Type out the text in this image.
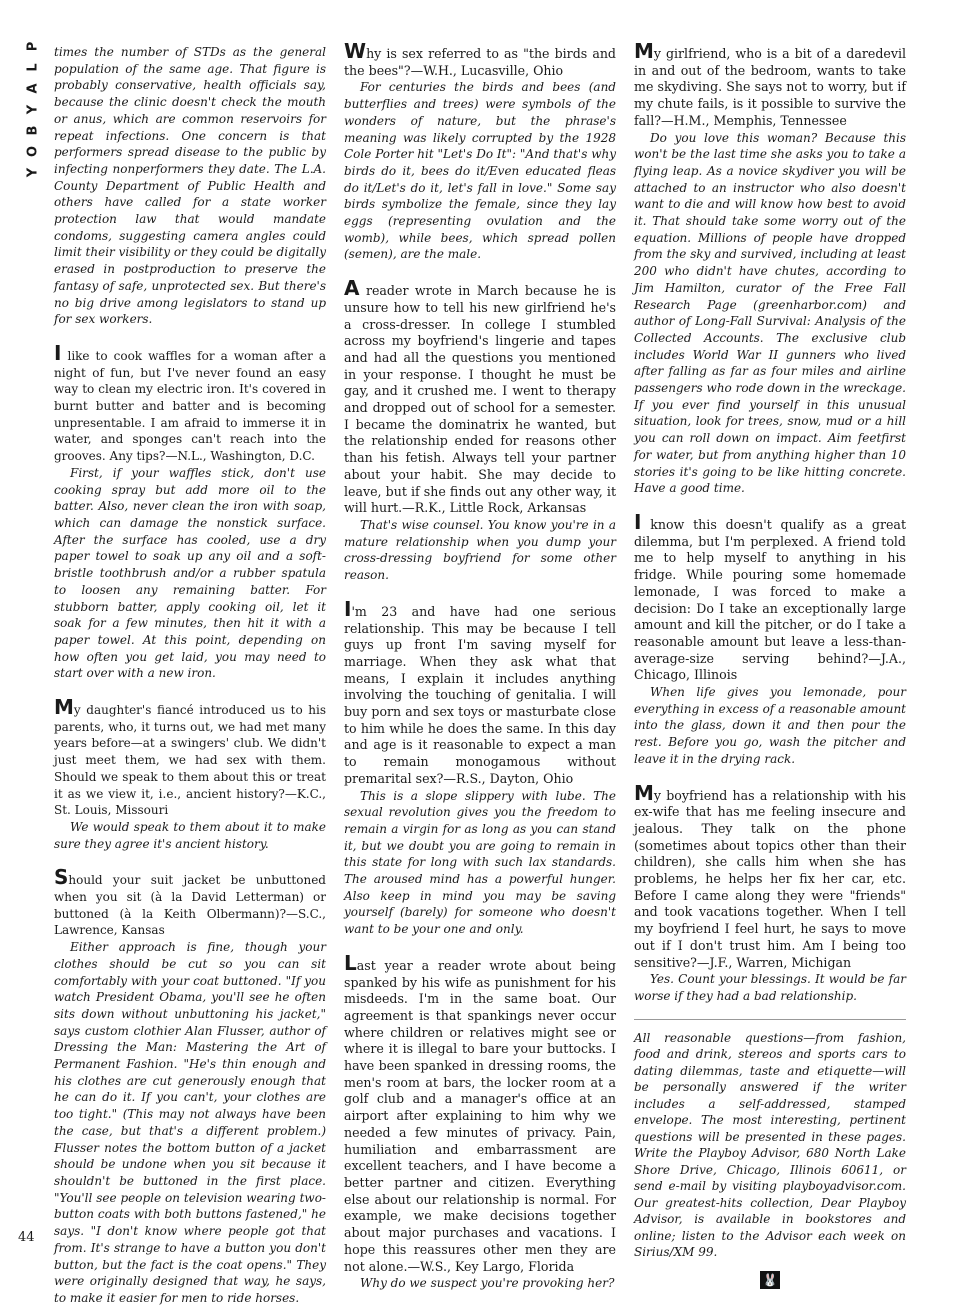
P
L
A
Y
B
O
Y
44

times the number of STDs as the general population of the same age. That figure is probably conservative, health officials say, because the clinic doesn't check the mouth or anus, which are common reservoirs for repeat infections. One concern is that performers spread disease to the public by infecting nonperformers they date. The L.A. County Department of Public Health and others have called for a state worker protection law that would mandate condoms, suggesting camera angles could limit their visibility or they could be digitally erased in postproduction to preserve the fantasy of safe, unprotected sex. But there's no big drive among legislators to stand up for sex workers.

I like to cook waffles for a woman after a night of fun, but I've never found an easy way to clean my electric iron. It's covered in burnt butter and batter and is becoming unpresentable. I am afraid to immerse it in water, and sponges can't reach into the grooves. Any tips?—N.L., Washington, D.C.

First, if your waffles stick, don't use cooking spray but add more oil to the batter. Also, never clean the iron with soap, which can damage the nonstick surface. After the surface has cooled, use a dry paper towel to soak up any oil and a soft-bristle toothbrush and/or a rubber spatula to loosen any remaining batter. For stubborn batter, apply cooking oil, let it soak for a few minutes, then hit it with a paper towel. At this point, depending on how often you get laid, you may need to start over with a new iron.

My daughter's fiancé introduced us to his parents, who, it turns out, we had met many years before—at a swingers' club. We didn't just meet them, we had sex with them. Should we speak to them about this or treat it as we view it, i.e., ancient history?—K.C., St. Louis, Missouri

We would speak to them about it to make sure they agree it's ancient history.

Should your suit jacket be unbuttoned when you sit (à la David Letterman) or buttoned (à la Keith Olbermann)?—S.C., Lawrence, Kansas

Either approach is fine, though your clothes should be cut so you can sit comfortably with your coat buttoned. "If you watch President Obama, you'll see he often sits down without unbuttoning his jacket," says custom clothier Alan Flusser, author of Dressing the Man: Mastering the Art of Permanent Fashion. "He's thin enough and his clothes are cut generously enough that he can do it. If you can't, your clothes are too tight." (This may not always have been the case, but that's a different problem.) Flusser notes the bottom button of a jacket should be undone when you sit because it shouldn't be buttoned in the first place. "You'll see people on television wearing two-button coats with both buttons fastened," he says. "I don't know where people got that from. It's strange to have a button you don't button, but the fact is the coat opens." They were originally designed that way, he says, to make it easier for men to ride horses.

Why is sex referred to as "the birds and the bees"?—W.H., Lucasville, Ohio

For centuries the birds and bees (and butterflies and trees) were symbols of the wonders of nature, but the phrase's meaning was likely corrupted by the 1928 Cole Porter hit "Let's Do It": "And that's why birds do it, bees do it/Even educated fleas do it/Let's do it, let's fall in love." Some say birds symbolize the female, since they lay eggs (representing ovulation and the womb), while bees, which spread pollen (semen), are the male.

A reader wrote in March because he is unsure how to tell his new girlfriend he's a cross-dresser. In college I stumbled across my boyfriend's lingerie and tapes and had all the questions you mentioned in your response. I thought he must be gay, and it crushed me. I went to therapy and dropped out of school for a semester. I became the dominatrix he wanted, but the relationship ended for reasons other than his fetish. Always tell your partner about your habit. She may decide to leave, but if she finds out any other way, it will hurt.—R.K., Little Rock, Arkansas

That's wise counsel. You know you're in a mature relationship when you dump your cross-dressing boyfriend for some other reason.

I'm 23 and have had one serious relationship. This may be because I tell guys up front I'm saving myself for marriage. When they ask what that means, I explain it includes anything involving the touching of genitalia. I will buy porn and sex toys or masturbate close to him while he does the same. In this day and age is it reasonable to expect a man to remain monogamous without premarital sex?—R.S., Dayton, Ohio

This is a slope slippery with lube. The sexual revolution gives you the freedom to remain a virgin for as long as you can stand it, but we doubt you are going to remain in this state for long with such lax standards. The aroused mind has a powerful hunger. Also keep in mind you may be saving yourself (barely) for someone who doesn't want to be your one and only.

Last year a reader wrote about being spanked by his wife as punishment for his misdeeds. I'm in the same boat. Our agreement is that spankings never occur where children or relatives might see or where it is illegal to bare your buttocks. I have been spanked in dressing rooms, the men's room at bars, the locker room at a golf club and a manager's office at an airport after explaining to him why we needed a few minutes of privacy. Pain, humiliation and embarrassment are excellent teachers, and I have become a better partner and citizen. Everything else about our relationship is normal. For example, we make decisions together about major purchases and vacations. I hope this reassures other men they are not alone.—W.S., Key Largo, Florida

Why do we suspect you're provoking her?

My girlfriend, who is a bit of a daredevil in and out of the bedroom, wants to take me skydiving. She says not to worry, but if my chute fails, is it possible to survive the fall?—H.M., Memphis, Tennessee

Do you love this woman? Because this won't be the last time she asks you to take a flying leap. As a novice skydiver you will be attached to an instructor who also doesn't want to die and will know how best to avoid it. That should take some worry out of the equation. Millions of people have dropped from the sky and survived, including at least 200 who didn't have chutes, according to Jim Hamilton, curator of the Free Fall Research Page (greenharbor.com) and author of Long-Fall Survival: Analysis of the Collected Accounts. The exclusive club includes World War II gunners who lived after falling as far as four miles and airline passengers who rode down in the wreckage. If you ever find yourself in this unusual situation, look for trees, snow, mud or a hill you can roll down on impact. Aim feetfirst for water, but from anything higher than 10 stories it's going to be like hitting concrete. Have a good time.

I know this doesn't qualify as a great dilemma, but I'm perplexed. A friend told me to help myself to anything in his fridge. While pouring some homemade lemonade, I was forced to make a decision: Do I take an exceptionally large amount and kill the pitcher, or do I take a reasonable amount but leave a less-than-average-size serving behind?—J.A., Chicago, Illinois

When life gives you lemonade, pour everything in excess of a reasonable amount into the glass, down it and then pour the rest. Before you go, wash the pitcher and leave it in the drying rack.

My boyfriend has a relationship with his ex-wife that has me feeling insecure and jealous. They talk on the phone (sometimes about topics other than their children), she calls him when she has problems, he helps her fix her car, etc. Before I came along they were "friends" and took vacations together. When I tell my boyfriend I feel hurt, he says to move out if I don't trust him. Am I being too sensitive?—J.F., Warren, Michigan

Yes. Count your blessings. It would be far worse if they had a bad relationship.

All reasonable questions—from fashion, food and drink, stereos and sports cars to dating dilemmas, taste and etiquette—will be personally answered if the writer includes a self-addressed, stamped envelope. The most interesting, pertinent questions will be presented in these pages. Write the Playboy Advisor, 680 North Lake Shore Drive, Chicago, Illinois 60611, or send e-mail by visiting playboyadvisor.com. Our greatest-hits collection, Dear Playboy Advisor, is available in bookstores and online; listen to the Advisor each week on Sirius/XM 99.

🐰
